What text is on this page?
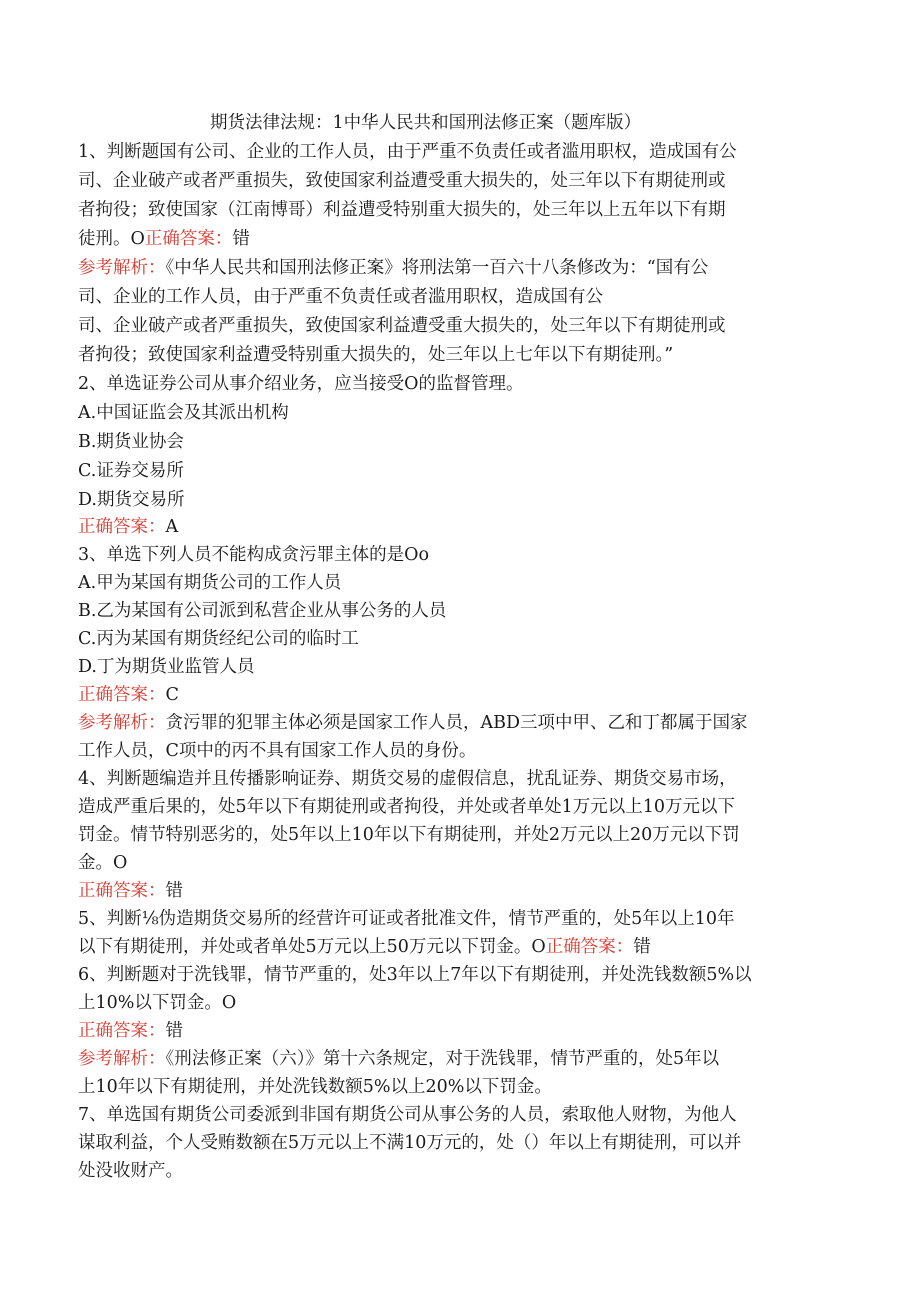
期货法律法规：1中华人民共和国刑法修正案（题库版）

1、判断题国有公司、企业的工作人员，由于严重不负责任或者滥用职权，造成国有公

司、企业破产或者严重损失，致使国家利益遭受重大损失的，处三年以下有期徒刑或

者拘役；致使国家（江南博哥）利益遭受特别重大损失的，处三年以上五年以下有期

徒刑。O正确答案：错

参考解析：《中华人民共和国刑法修正案》将刑法第一百六十八条修改为：“国有公

司、企业的工作人员，由于严重不负责任或者滥用职权，造成国有公

司、企业破产或者严重损失，致使国家利益遭受重大损失的，处三年以下有期徒刑或

者拘役；致使国家利益遭受特别重大损失的，处三年以上七年以下有期徒刑。”

2、单选证券公司从事介绍业务，应当接受O的监督管理。

A.中国证监会及其派出机构

B.期货业协会

C.证券交易所

D.期货交易所

正确答案：A

3、单选下列人员不能构成贪污罪主体的是Oo

A.甲为某国有期货公司的工作人员

B.乙为某国有公司派到私营企业从事公务的人员

C.丙为某国有期货经纪公司的临时工

D.丁为期货业监管人员

正确答案：C

参考解析：贪污罪的犯罪主体必须是国家工作人员，ABD三项中甲、乙和丁都属于国家

工作人员，C项中的丙不具有国家工作人员的身份。

4、判断题编造并且传播影响证券、期货交易的虚假信息，扰乱证券、期货交易市场，

造成严重后果的，处5年以下有期徒刑或者拘役，并处或者单处1万元以上10万元以下

罚金。情节特别恶劣的，处5年以上10年以下有期徒刑，并处2万元以上20万元以下罚

金。O

正确答案：错

5、判断⅛伪造期货交易所的经营许可证或者批准文件，情节严重的，处5年以上10年

以下有期徒刑，并处或者单处5万元以上50万元以下罚金。O正确答案：错

6、判断题对于洗钱罪，情节严重的，处3年以上7年以下有期徒刑，并处洗钱数额5%以

上10%以下罚金。O

正确答案：错

参考解析：《刑法修正案（六）》第十六条规定，对于洗钱罪，情节严重的，处5年以

上10年以下有期徒刑，并处洗钱数额5%以上20%以下罚金。

7、单选国有期货公司委派到非国有期货公司从事公务的人员，索取他人财物，为他人

谋取利益，个人受贿数额在5万元以上不满10万元的，处（）年以上有期徒刑，可以并

处没收财产。
